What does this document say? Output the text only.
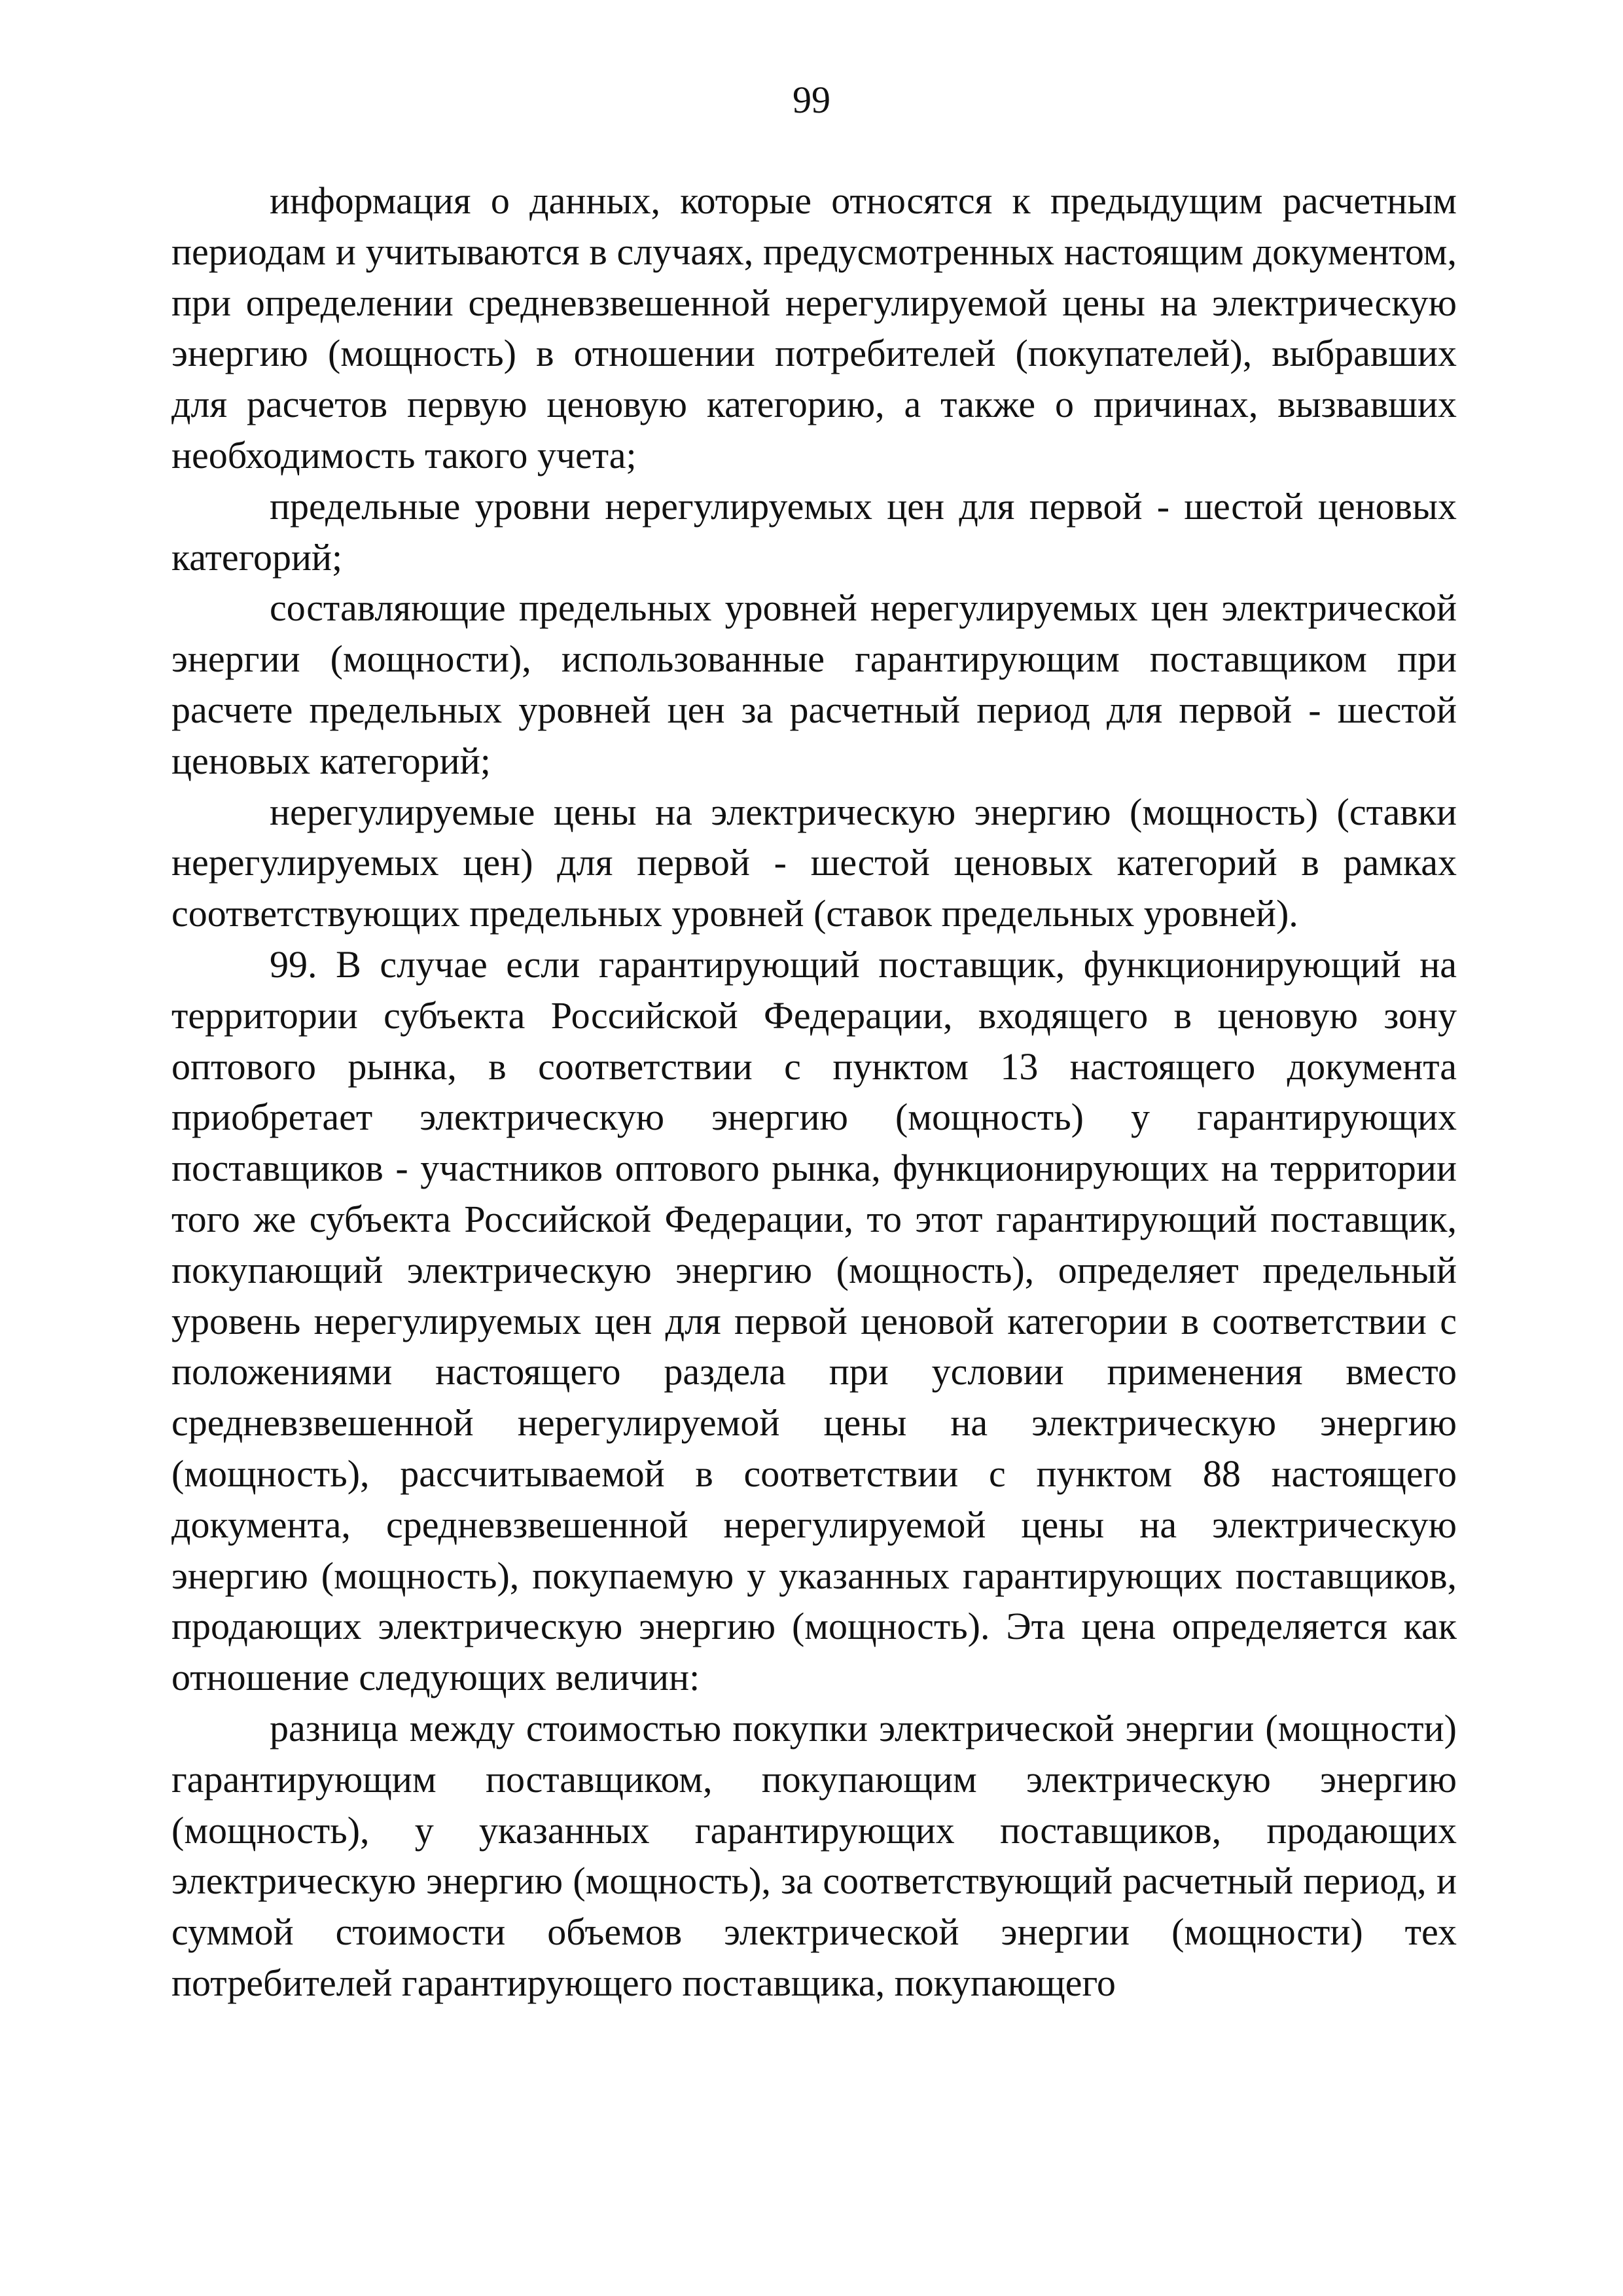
99

информация о данных, которые относятся к предыдущим расчетным периодам и учитываются в случаях, предусмотренных настоящим документом, при определении средневзвешенной нерегулируемой цены на электрическую энергию (мощность) в отношении потребителей (покупателей), выбравших для расчетов первую ценовую категорию, а также о причинах, вызвавших необходимость такого учета;

предельные уровни нерегулируемых цен для первой - шестой ценовых категорий;

составляющие предельных уровней нерегулируемых цен электрической энергии (мощности), использованные гарантирующим поставщиком при расчете предельных уровней цен за расчетный период для первой - шестой ценовых категорий;

нерегулируемые цены на электрическую энергию (мощность) (ставки нерегулируемых цен) для первой - шестой ценовых категорий в рамках соответствующих предельных уровней (ставок предельных уровней).

99. В случае если гарантирующий поставщик, функционирующий на территории субъекта Российской Федерации, входящего в ценовую зону оптового рынка, в соответствии с пунктом 13 настоящего документа приобретает электрическую энергию (мощность) у гарантирующих поставщиков - участников оптового рынка, функционирующих на территории того же субъекта Российской Федерации, то этот гарантирующий поставщик, покупающий электрическую энергию (мощность), определяет предельный уровень нерегулируемых цен для первой ценовой категории в соответствии с положениями настоящего раздела при условии применения вместо средневзвешенной нерегулируемой цены на электрическую энергию (мощность), рассчитываемой в соответствии с пунктом 88 настоящего документа, средневзвешенной нерегулируемой цены на электрическую энергию (мощность), покупаемую у указанных гарантирующих поставщиков, продающих электрическую энергию (мощность). Эта цена определяется как отношение следующих величин:

разница между стоимостью покупки электрической энергии (мощности) гарантирующим поставщиком, покупающим электрическую энергию (мощность), у указанных гарантирующих поставщиков, продающих электрическую энергию (мощность), за соответствующий расчетный период, и суммой стоимости объемов электрической энергии (мощности) тех потребителей гарантирующего поставщика, покупающего
